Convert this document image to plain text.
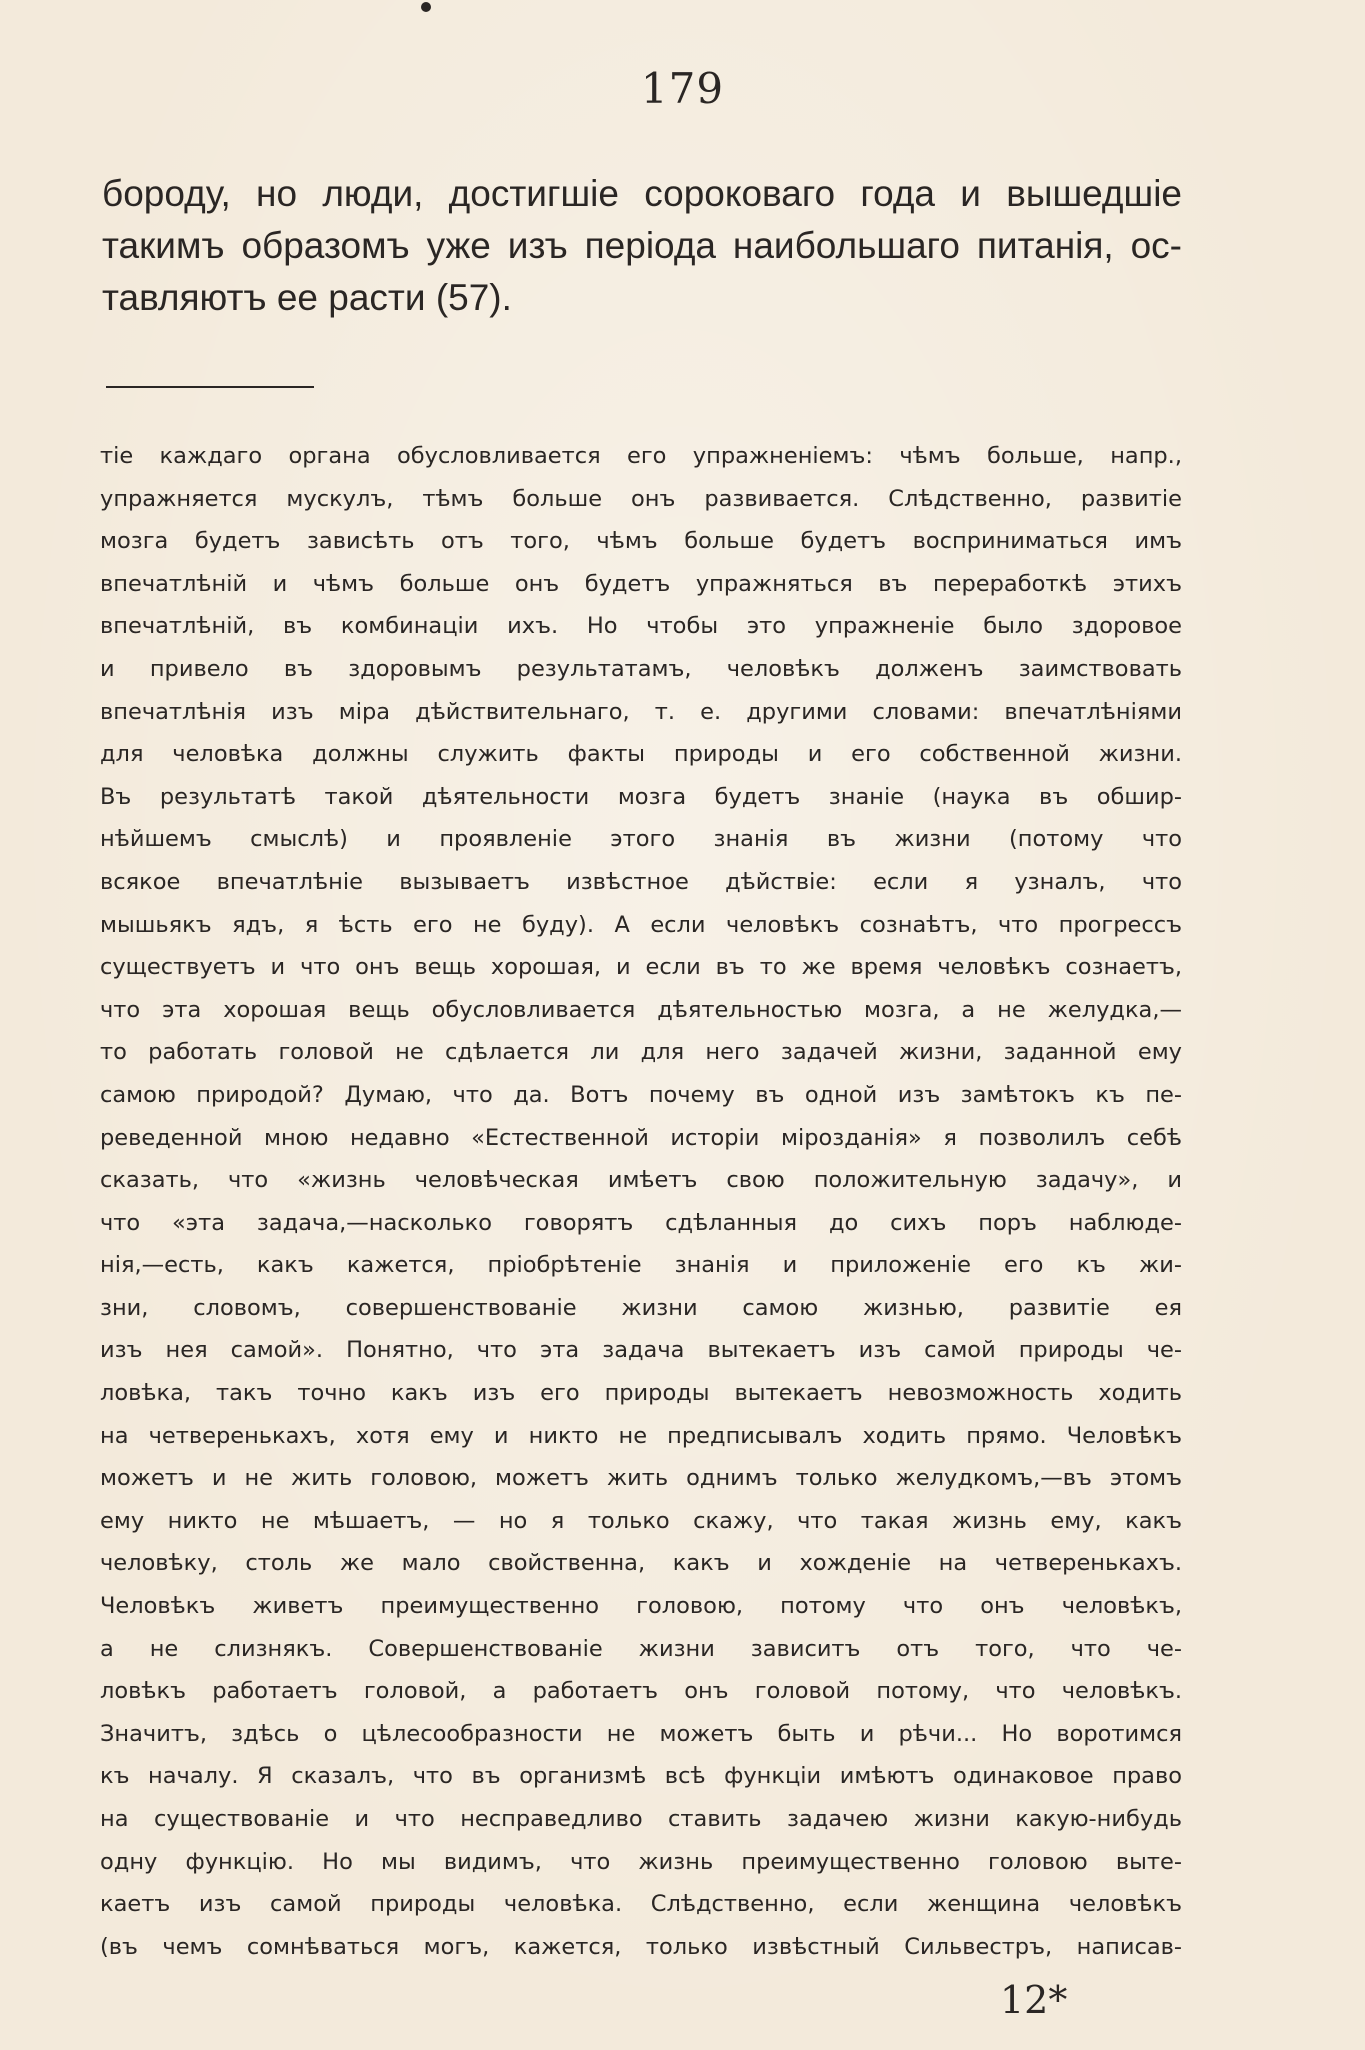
179
бороду, но люди, достигшіе сороковаго года и вышедшіе
такимъ образомъ уже изъ періода наибольшаго питанія, ос-
тавляютъ ее расти (57).
тіе каждаго органа обусловливается его упражненіемъ: чѣмъ больше, напр.,
упражняется мускулъ, тѣмъ больше онъ развивается. Слѣдственно, развитіе
мозга будетъ зависѣть отъ того, чѣмъ больше будетъ восприниматься имъ
впечатлѣній и чѣмъ больше онъ будетъ упражняться въ переработкѣ этихъ
впечатлѣній, въ комбинаціи ихъ. Но чтобы это упражненіе было здоровое
и привело въ здоровымъ результатамъ, человѣкъ долженъ заимствовать
впечатлѣнія изъ міра дѣйствительнаго, т. е. другими словами: впечатлѣніями
для человѣка должны служить факты природы и его собственной жизни.
Въ результатѣ такой дѣятельности мозга будетъ знаніе (наука въ обшир-
нѣйшемъ смыслѣ) и проявленіе этого знанія въ жизни (потому что
всякое впечатлѣніе вызываетъ извѣстное дѣйствіе: если я узналъ, что
мышьякъ ядъ, я ѣсть его не буду). А если человѣкъ сознаѣтъ, что прогрессъ
существуетъ и что онъ вещь хорошая, и если въ то же время человѣкъ сознаетъ,
что эта хорошая вещь обусловливается дѣятельностью мозга, а не желудка,—
то работать головой не сдѣлается ли для него задачей жизни, заданной ему
самою природой? Думаю, что да. Вотъ почему въ одной изъ замѣтокъ къ пе-
реведенной мною недавно «Естественной исторіи мірозданія» я позволилъ себѣ
сказать, что «жизнь человѣческая имѣетъ свою положительную задачу», и
что «эта задача,—насколько говорятъ сдѣланныя до сихъ поръ наблюде-
нія,—есть, какъ кажется, пріобрѣтеніе знанія и приложеніе его къ жи-
зни, словомъ, совершенствованіе жизни самою жизнью, развитіе ея
изъ нея самой». Понятно, что эта задача вытекаетъ изъ самой природы че-
ловѣка, такъ точно какъ изъ его природы вытекаетъ невозможность ходить
на четверенькахъ, хотя ему и никто не предписывалъ ходить прямо. Человѣкъ
можетъ и не жить головою, можетъ жить однимъ только желудкомъ,—въ этомъ
ему никто не мѣшаетъ, — но я только скажу, что такая жизнь ему, какъ
человѣку, столь же мало свойственна, какъ и хожденіе на четверенькахъ.
Человѣкъ живетъ преимущественно головою, потому что онъ человѣкъ,
а не слизнякъ. Совершенствованіе жизни зависитъ отъ того, что че-
ловѣкъ работаетъ головой, а работаетъ онъ головой потому, что человѣкъ.
Значитъ, здѣсь о цѣлесообразности не можетъ быть и рѣчи... Но воротимся
къ началу. Я сказалъ, что въ организмѣ всѣ функціи имѣютъ одинаковое право
на существованіе и что несправедливо ставить задачею жизни какую-нибудь
одну функцію. Но мы видимъ, что жизнь преимущественно головою выте-
каетъ изъ самой природы человѣка. Слѣдственно, если женщина человѣкъ
(въ чемъ сомнѣваться могъ, кажется, только извѣстный Сильвестръ, написав-
12*
